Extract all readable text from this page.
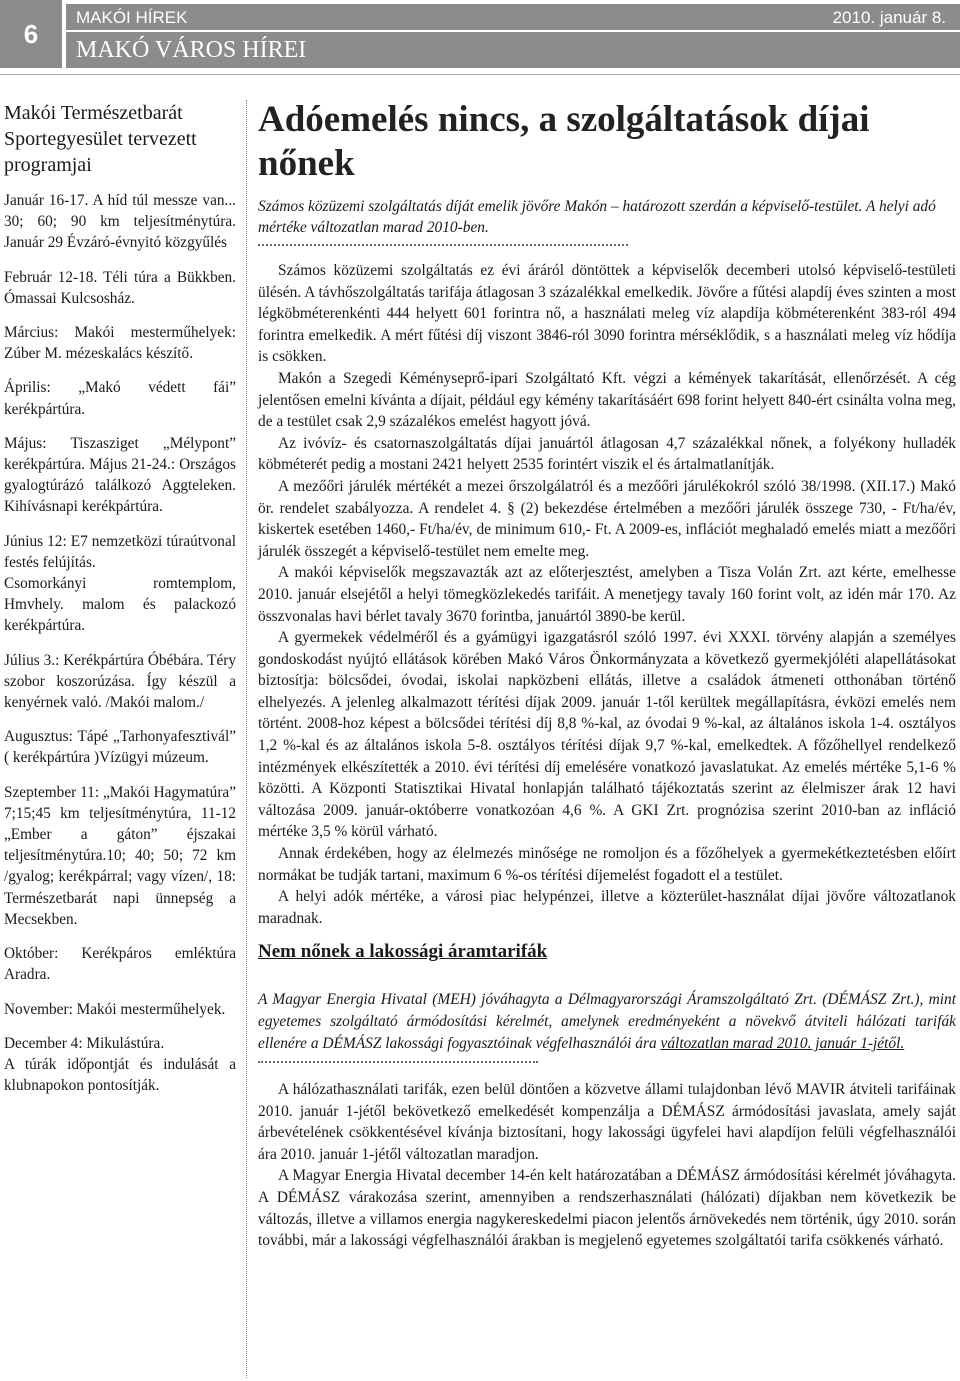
6
MAKÓI HÍREK	2010. január 8.
MAKÓ VÁROS HÍREI
Makói Természetbarát Sportegyesület tervezett programjai

Január 16-17. A híd túl messze van... 30; 60; 90 km teljesítménytúra. Január 29 Évzáró-évnyitó közgyűlés

Február 12-18. Téli túra a Bükkben. Ómassai Kulcsosház.

Március: Makói mesterműhelyek: Zúber M. mézeskalács készítő.

Április: „Makó védett fái” kerékpártúra.

Május: Tiszasziget „Mélypont” kerékpártúra. Május 21-24.: Országos gyalogtúrázó találkozó Aggteleken. Kihívásnapi kerékpártúra.

Június 12: E7 nemzetközi túraútvonal festés felújítás.

Csomorkányi romtemplom, Hmvhely. malom és palackozó kerékpártúra.

Július 3.: Kerékpártúra Óbébára. Téry szobor koszorúzása. Így készül a kenyérnek való. /Makói malom./

Augusztus: Tápé „Tarhonyafesztivál” ( kerékpártúra )Vízügyi múzeum.

Szeptember 11: „Makói Hagymatúra” 7;15;45 km teljesítménytúra, 11-12 „Ember a gáton” éjszakai teljesítménytúra.10; 40; 50; 72 km /gyalog; kerékpárral; vagy vízen/, 18: Természetbarát napi ünnepség a Mecsekben.

Október: Kerékpáros emléktúra Aradra.

November: Makói mesterműhelyek.

December 4: Mikulástúra.

A túrák időpontját és indulását a klubnapokon pontosítják.

Adóemelés nincs, a szolgáltatások díjai nőnek

Számos közüzemi szolgáltatás díját emelik jövőre Makón – határozott szerdán a képviselő-testület. A helyi adó mértéke változatlan marad 2010-ben.

Számos közüzemi szolgáltatás ez évi áráról döntöttek a képviselők decemberi utolsó képviselő-testületi ülésén. A távhőszolgáltatás tarifája átlagosan 3 százalékkal emelkedik. Jövőre a fűtési alapdíj éves szinten a most légköbméterenkénti 444 helyett 601 forintra nő, a használati meleg víz alapdíja köbméterenként 383-ról 494 forintra emelkedik. A mért fűtési díj viszont 3846-ról 3090 forintra mérséklődik, s a használati meleg víz hődíja is csökken.

Makón a Szegedi Kéményseprő-ipari Szolgáltató Kft. végzi a kémények takarítását, ellenőrzését. A cég jelentősen emelni kívánta a díjait, például egy kémény takarításáért 698 forint helyett 840-ért csinálta volna meg, de a testület csak 2,9 százalékos emelést hagyott jóvá.

Az ivóvíz- és csatornaszolgáltatás díjai januártól átlagosan 4,7 százalékkal nőnek, a folyékony hulladék köbméterét pedig a mostani 2421 helyett 2535 forintért viszik el és ártalmatlanítják.

A mezőőri járulék mértékét a mezei őrszolgálatról és a mezőőri járulékokról szóló 38/1998. (XII.17.) Makó ör. rendelet szabályozza. A rendelet 4. § (2) bekezdése értelmében a mezőőri járulék összege 730, - Ft/ha/év, kiskertek esetében 1460,- Ft/ha/év, de minimum 610,- Ft. A 2009-es, inflációt meghaladó emelés miatt a mezőőri járulék összegét a képviselő-testület nem emelte meg.

A makói képviselők megszavazták azt az előterjesztést, amelyben a Tisza Volán Zrt. azt kérte, emelhesse 2010. január elsejétől a helyi tömegközlekedés tarifáit. A menetjegy tavaly 160 forint volt, az idén már 170. Az összvonalas havi bérlet tavaly 3670 forintba, januártól 3890-be kerül.

A gyermekek védelméről és a gyámügyi igazgatásról szóló 1997. évi XXXI. törvény alapján a személyes gondoskodást nyújtó ellátások körében Makó Város Önkormányzata a következő gyermekjóléti alapellátásokat biztosítja: bölcsődei, óvodai, iskolai napközbeni ellátás, illetve a családok átmeneti otthonában történő elhelyezés. A jelenleg alkalmazott térítési díjak 2009. január 1-től kerültek megállapításra, évközi emelés nem történt. 2008-hoz képest a bölcsődei térítési díj 8,8 %-kal, az óvodai 9 %-kal, az általános iskola 1-4. osztályos 1,2 %-kal és az általános iskola 5-8. osztályos térítési díjak 9,7 %-kal, emelkedtek. A főzőhellyel rendelkező intézmények elkészítették a 2010. évi térítési díj emelésére vonatkozó javaslatukat. Az emelés mértéke 5,1-6 % közötti. A Központi Statisztikai Hivatal honlapján található tájékoztatás szerint az élelmiszer árak 12 havi változása 2009. január-októberre vonatkozóan 4,6 %. A GKI Zrt. prognózisa szerint 2010-ban az infláció mértéke 3,5 % körül várható.

Annak érdekében, hogy az élelmezés minősége ne romoljon és a főzőhelyek a gyermekétkeztetésben előírt normákat be tudják tartani, maximum 6 %-os térítési díjemelést fogadott el a testület.

A helyi adók mértéke, a városi piac helypénzei, illetve a közterület-használat díjai jövőre változatlanok maradnak.

Nem nőnek a lakossági áramtarifák

A Magyar Energia Hivatal (MEH) jóváhagyta a Délmagyarországi Áramszolgáltató Zrt. (DÉMÁSZ Zrt.), mint egyetemes szolgáltató ármódosítási kérelmét, amelynek eredményeként a növekvő átviteli hálózati tarifák ellenére a DÉMÁSZ lakossági fogyasztóinak végfelhasználói ára változatlan marad 2010. január 1-jétől.

A hálózathasználati tarifák, ezen belül döntően a közvetve állami tulajdonban lévő MAVIR átviteli tarifáinak 2010. január 1-jétől bekövetkező emelkedését kompenzálja a DÉMÁSZ ármódosítási javaslata, amely saját árbevételének csökkentésével kívánja biztosítani, hogy lakossági ügyfelei havi alapdíjon felüli végfelhasználói ára 2010. január 1-jétől változatlan maradjon.

A Magyar Energia Hivatal december 14-én kelt határozatában a DÉMÁSZ ármódosítási kérelmét jóváhagyta. A DÉMÁSZ várakozása szerint, amennyiben a rendszerhasználati (hálózati) díjakban nem következik be változás, illetve a villamos energia nagykereskedelmi piacon jelentős árnövekedés nem történik, úgy 2010. során további, már a lakossági végfelhasználói árakban is megjelenő egyetemes szolgáltatói tarifa csökkenés várható.
